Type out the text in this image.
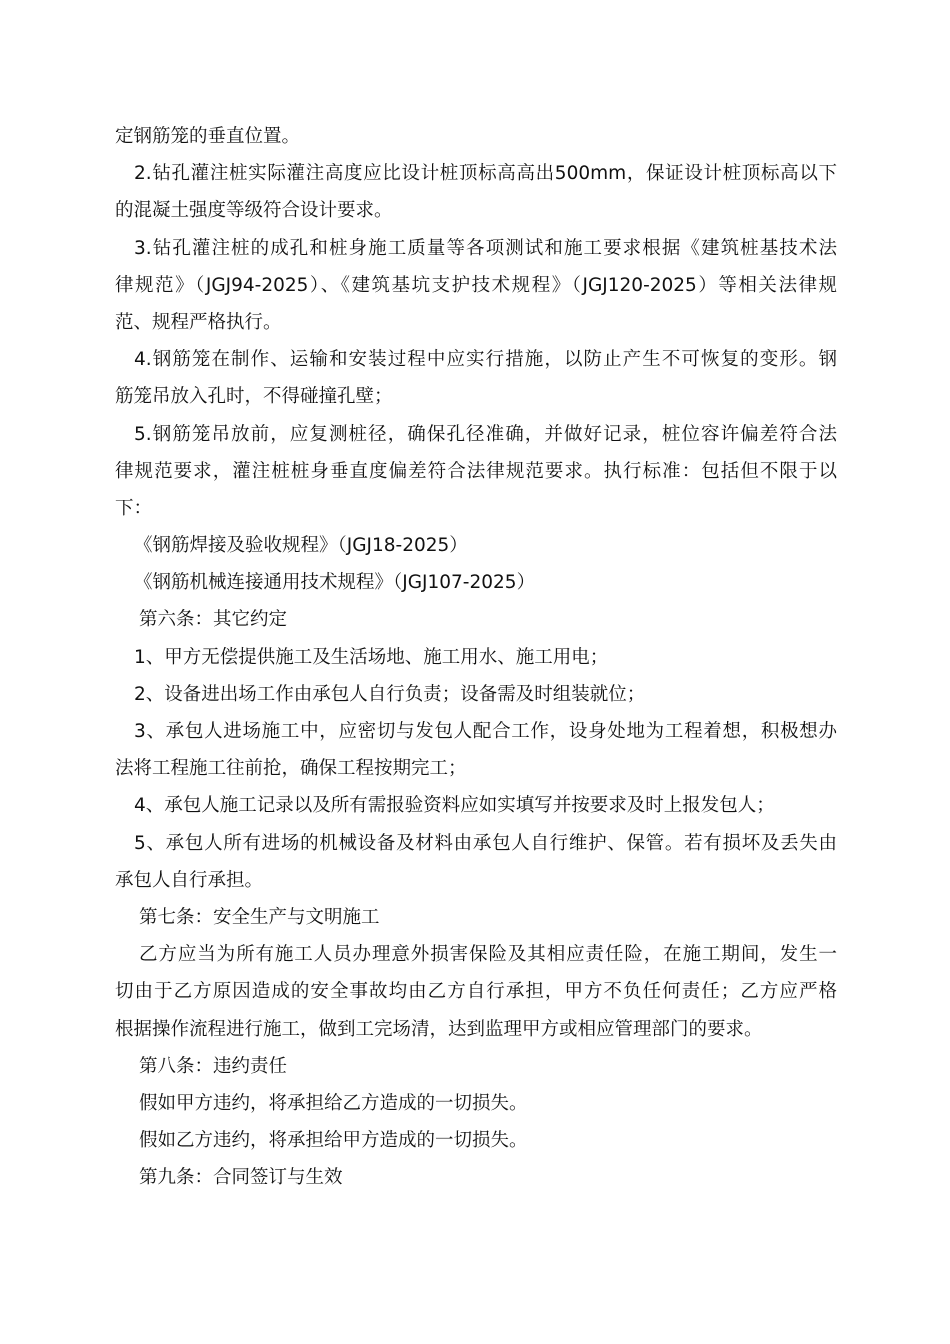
定钢筋笼的垂直位置。
2.钻孔灌注桩实际灌注高度应比设计桩顶标高高出500mm，保证设计桩顶标高以下
的混凝土强度等级符合设计要求。
3.钻孔灌注桩的成孔和桩身施工质量等各项测试和施工要求根据《建筑桩基技术法
律规范》（JGJ94-2025）、《建筑基坑支护技术规程》（JGJ120-2025）等相关法律规
范、规程严格执行。
4.钢筋笼在制作、运输和安装过程中应实行措施，以防止产生不可恢复的变形。钢
筋笼吊放入孔时，不得碰撞孔壁；
5.钢筋笼吊放前，应复测桩径，确保孔径准确，并做好记录，桩位容许偏差符合法
律规范要求，灌注桩桩身垂直度偏差符合法律规范要求。执行标准：包括但不限于以
下：
《钢筋焊接及验收规程》（JGJ18-2025）
《钢筋机械连接通用技术规程》（JGJ107-2025）
第六条：其它约定
1、甲方无偿提供施工及生活场地、施工用水、施工用电；
2、设备进出场工作由承包人自行负责；设备需及时组装就位；
3、承包人进场施工中，应密切与发包人配合工作，设身处地为工程着想，积极想办
法将工程施工往前抢，确保工程按期完工；
4、承包人施工记录以及所有需报验资料应如实填写并按要求及时上报发包人；
5、承包人所有进场的机械设备及材料由承包人自行维护、保管。若有损坏及丢失由
承包人自行承担。
第七条：安全生产与文明施工
乙方应当为所有施工人员办理意外损害保险及其相应责任险，在施工期间，发生一
切由于乙方原因造成的安全事故均由乙方自行承担，甲方不负任何责任；乙方应严格
根据操作流程进行施工，做到工完场清，达到监理甲方或相应管理部门的要求。
第八条：违约责任
假如甲方违约，将承担给乙方造成的一切损失。
假如乙方违约，将承担给甲方造成的一切损失。
第九条：合同签订与生效
